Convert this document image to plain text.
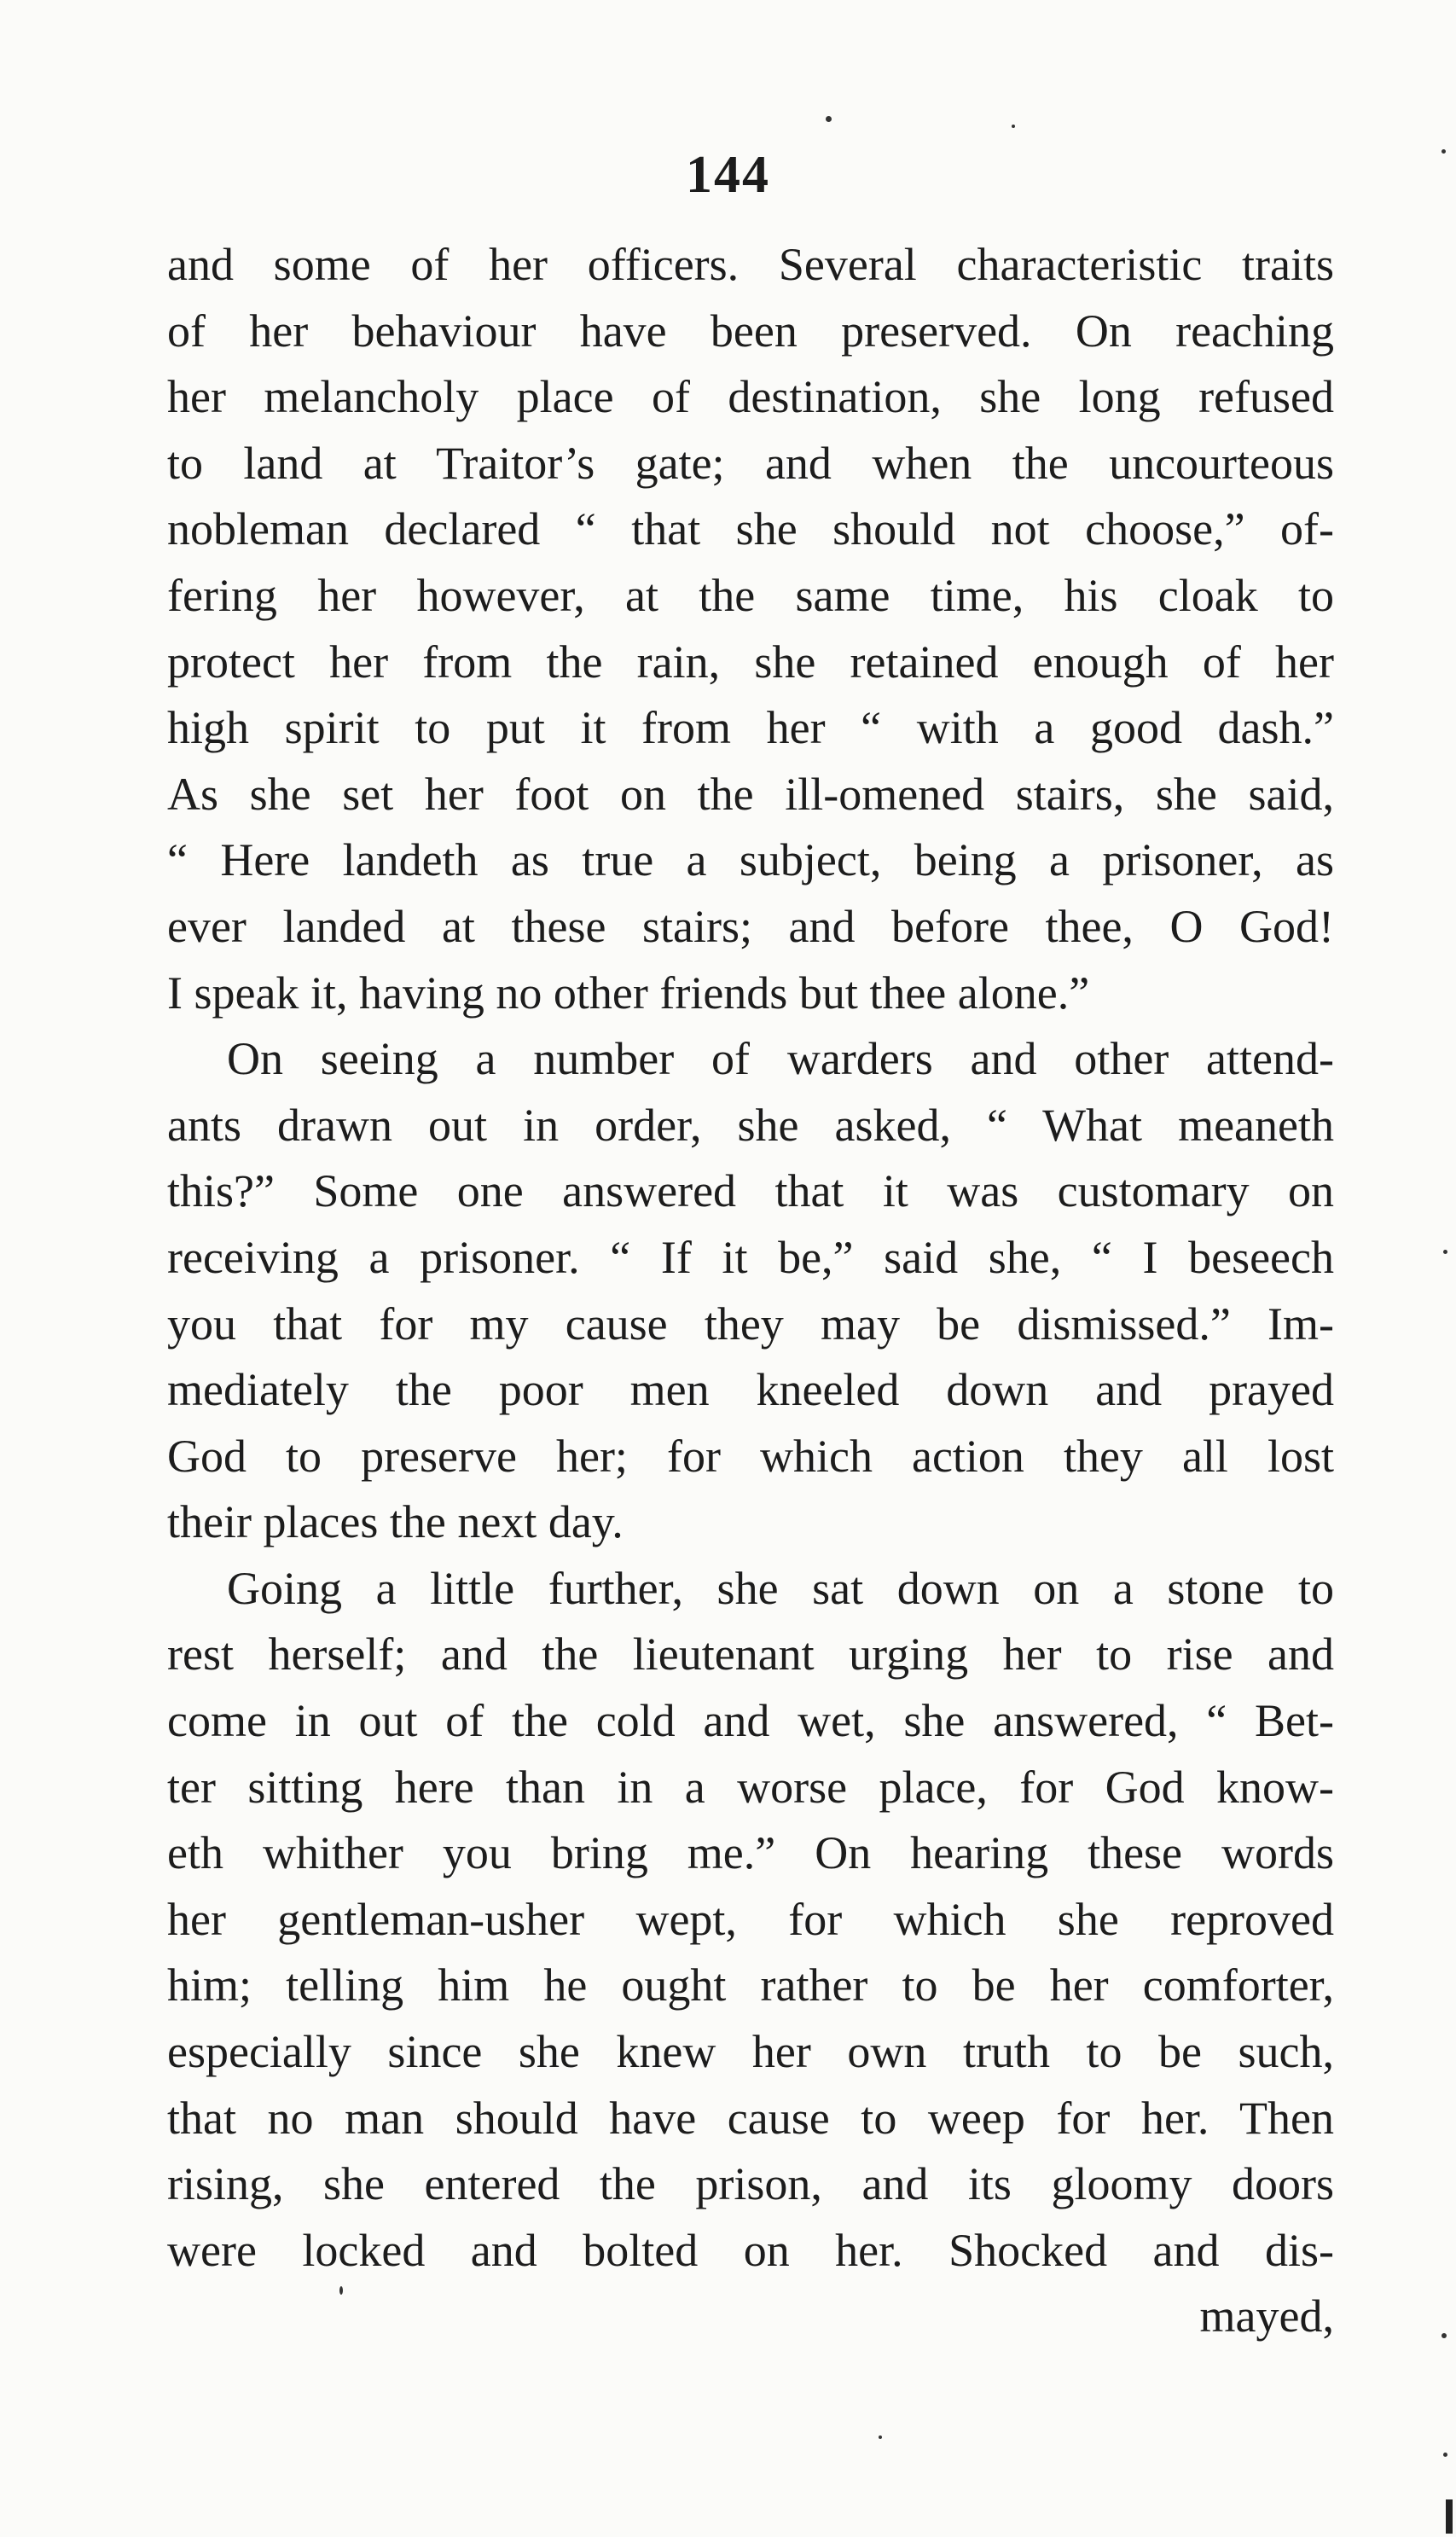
144
and some of her officers. Several characteristic traits
of her behaviour have been preserved. On reaching
her melancholy place of destination, she long refused
to land at Traitor’s gate; and when the uncourteous
nobleman declared “ that she should not choose,” of-
fering her however, at the same time, his cloak to
protect her from the rain, she retained enough of her
high spirit to put it from her “ with a good dash.”
As she set her foot on the ill-omened stairs, she said,
“ Here landeth as true a subject, being a prisoner, as
ever landed at these stairs; and before thee, O God!
I speak it, having no other friends but thee alone.”
On seeing a number of warders and other attend-
ants drawn out in order, she asked, “ What meaneth
this?” Some one answered that it was customary on
receiving a prisoner. “ If it be,” said she, “ I beseech
you that for my cause they may be dismissed.” Im-
mediately the poor men kneeled down and prayed
God to preserve her; for which action they all lost
their places the next day.
Going a little further, she sat down on a stone to
rest herself; and the lieutenant urging her to rise and
come in out of the cold and wet, she answered, “ Bet-
ter sitting here than in a worse place, for God know-
eth whither you bring me.” On hearing these words
her gentleman-usher wept, for which she reproved
him; telling him he ought rather to be her comforter,
especially since she knew her own truth to be such,
that no man should have cause to weep for her. Then
rising, she entered the prison, and its gloomy doors
were locked and bolted on her. Shocked and dis-
mayed,
